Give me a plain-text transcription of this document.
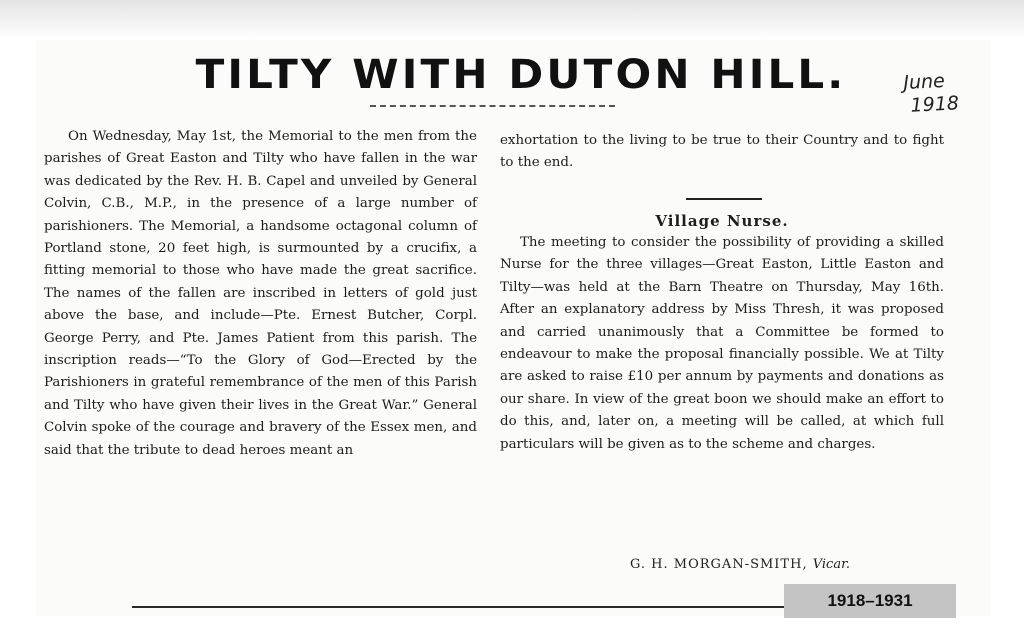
TILTY WITH DUTON HILL.	June
1918

On Wednesday, May 1st, the Memorial to the men from the parishes of Great Easton and Tilty who have fallen in the war was dedicated by the Rev. H. B. Capel and unveiled by General Colvin, C.B., M.P., in the presence of a large number of parishioners. The Memorial, a handsome octagonal column of Portland stone, 20 feet high, is surmounted by a crucifix, a fitting memorial to those who have made the great sacrifice. The names of the fallen are inscribed in letters of gold just above the base, and include—Pte. Ernest Butcher, Corpl. George Perry, and Pte. James Patient from this parish. The inscription reads—“To the Glory of God—Erected by the Parishioners in grateful remembrance of the men of this Parish and Tilty who have given their lives in the Great War.” General Colvin spoke of the courage and bravery of the Essex men, and said that the tribute to dead heroes meant an

exhortation to the living to be true to their Country and to fight to the end.

Village Nurse.

The meeting to consider the possibility of providing a skilled Nurse for the three villages—Great Easton, Little Easton and Tilty—was held at the Barn Theatre on Thursday, May 16th. After an explanatory address by Miss Thresh, it was proposed and carried unanimously that a Committee be formed to endeavour to make the proposal financially possible. We at Tilty are asked to raise £10 per annum by payments and donations as our share. In view of the great boon we should make an effort to do this, and, later on, a meeting will be called, at which full particulars will be given as to the scheme and charges.

G. H. MORGAN-SMITH, Vicar.
1918–1931
